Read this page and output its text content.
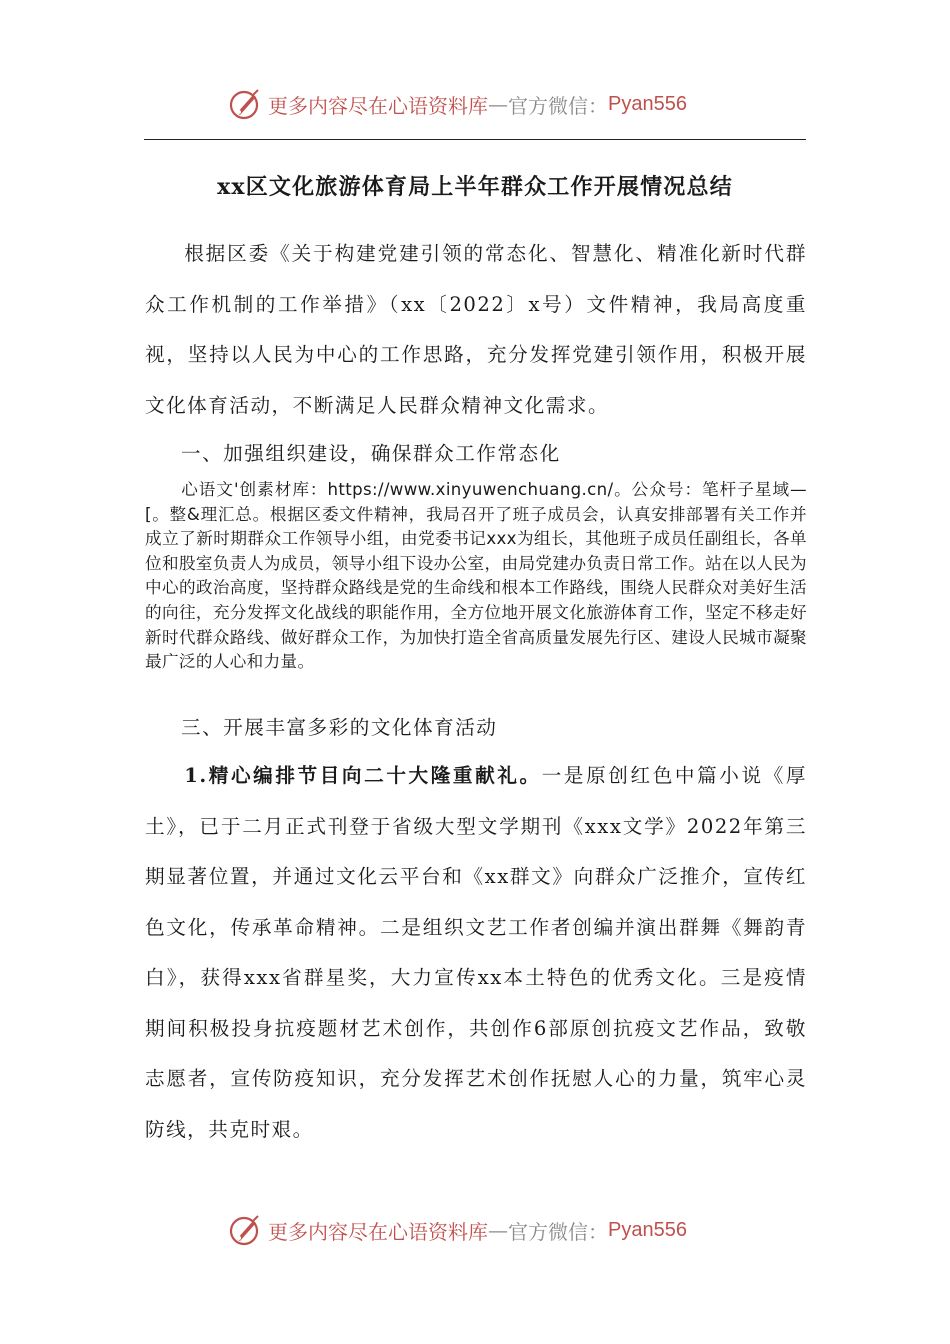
更多内容尽在心语资料库 — 官方微信： Pyan556
xx区文化旅游体育局上半年群众工作开展情况总结

根据区委《关于构建党建引领的常态化、智慧化、精准化新时代群众工作机制的工作举措》（xx〔2022〕x号）文件精神，我局高度重视，坚持以人民为中心的工作思路，充分发挥党建引领作用，积极开展文化体育活动，不断满足人民群众精神文化需求。

一、加强组织建设，确保群众工作常态化

心语文'创素材库：https://www.xinyuwenchuang.cn/。公众号：笔杆子星域—[。整&理汇总。根据区委文件精神，我局召开了班子成员会，认真安排部署有关工作并成立了新时期群众工作领导小组，由党委书记xxx为组长，其他班子成员任副组长，各单位和股室负责人为成员，领导小组下设办公室，由局党建办负责日常工作。站在以人民为中心的政治高度，坚持群众路线是党的生命线和根本工作路线，围绕人民群众对美好生活的向往，充分发挥文化战线的职能作用，全方位地开展文化旅游体育工作，坚定不移走好新时代群众路线、做好群众工作，为加快打造全省高质量发展先行区、建设人民城市凝聚最广泛的人心和力量。

三、开展丰富多彩的文化体育活动

1.精心编排节目向二十大隆重献礼。一是原创红色中篇小说《厚土》，已于二月正式刊登于省级大型文学期刊《xxx文学》2022年第三期显著位置，并通过文化云平台和《xx群文》向群众广泛推介，宣传红色文化，传承革命精神。二是组织文艺工作者创编并演出群舞《舞韵青白》，获得xxx省群星奖，大力宣传xx本土特色的优秀文化。三是疫情期间积极投身抗疫题材艺术创作，共创作6部原创抗疫文艺作品，致敬志愿者，宣传防疫知识，充分发挥艺术创作抚慰人心的力量，筑牢心灵防线，共克时艰。

更多内容尽在心语资料库 — 官方微信： Pyan556
